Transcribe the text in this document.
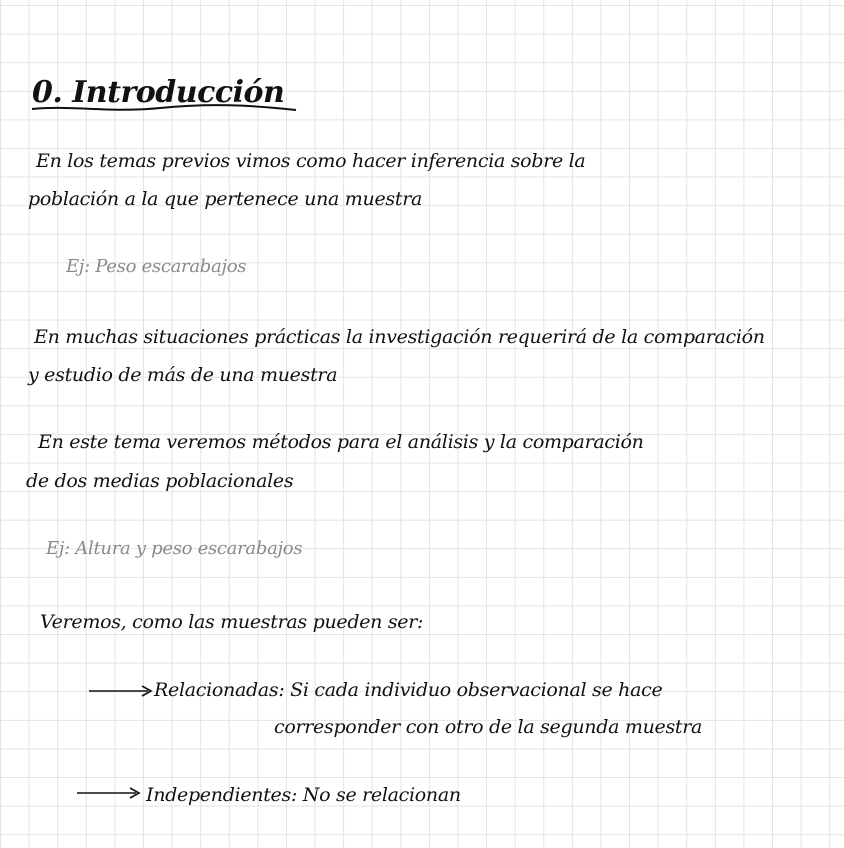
0. Introducción
En los temas previos vimos como hacer inferencia sobre la
población a la que pertenece una muestra
Ej: Peso escarabajos
En muchas situaciones prácticas la investigación requerirá de la comparación
y estudio de más de una muestra
En este tema veremos métodos para el análisis y la comparación
de dos medias poblacionales
Ej: Altura y peso escarabajos
Veremos, como las muestras pueden ser:
Relacionadas: Si cada individuo observacional se hace
corresponder con otro de la segunda muestra
Independientes: No se relacionan
